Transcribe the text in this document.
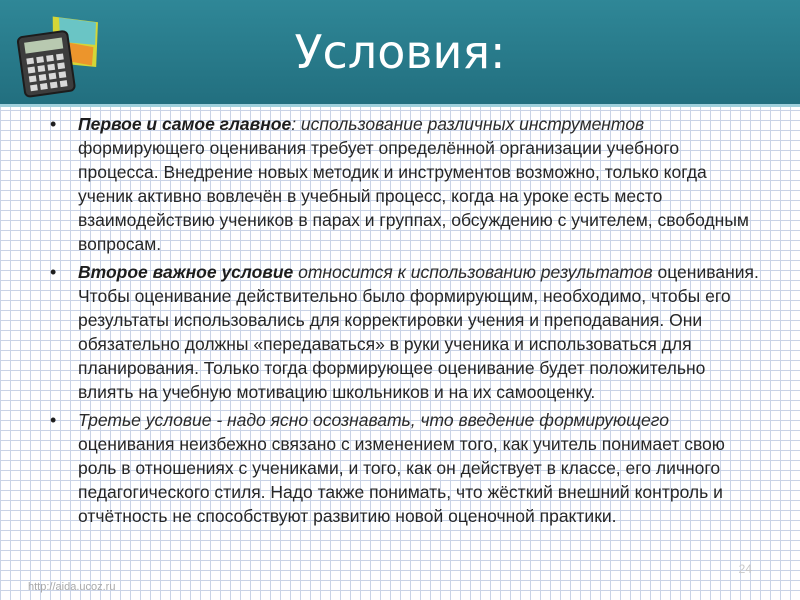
Условия:
• Первое и самое главное: использование различных инструментов формирующего оценивания требует определённой организации учебного процесса. Внедрение новых методик и инструментов возможно, только когда ученик активно вовлечён в учебный процесс, когда на уроке есть место взаимодействию учеников в парах и группах, обсуждению с учителем, свободным вопросам.
• Второе важное условие относится к использованию результатов оценивания. Чтобы оценивание действительно было формирующим, необходимо, чтобы его результаты использовались для корректировки учения и преподавания. Они обязательно должны «передаваться» в руки ученика и использоваться для планирования. Только тогда формирующее оценивание будет положительно влиять на учебную мотивацию школьников и на их самооценку.
• Третье условие - надо ясно осознавать, что введение формирующего оценивания неизбежно связано с изменением того, как учитель понимает свою роль в отношениях с учениками, и того, как он действует в классе, его личного педагогического стиля. Надо также понимать, что жёсткий внешний контроль и отчётность не способствуют развитию новой оценочной практики.
24
http://aida.ucoz.ru
